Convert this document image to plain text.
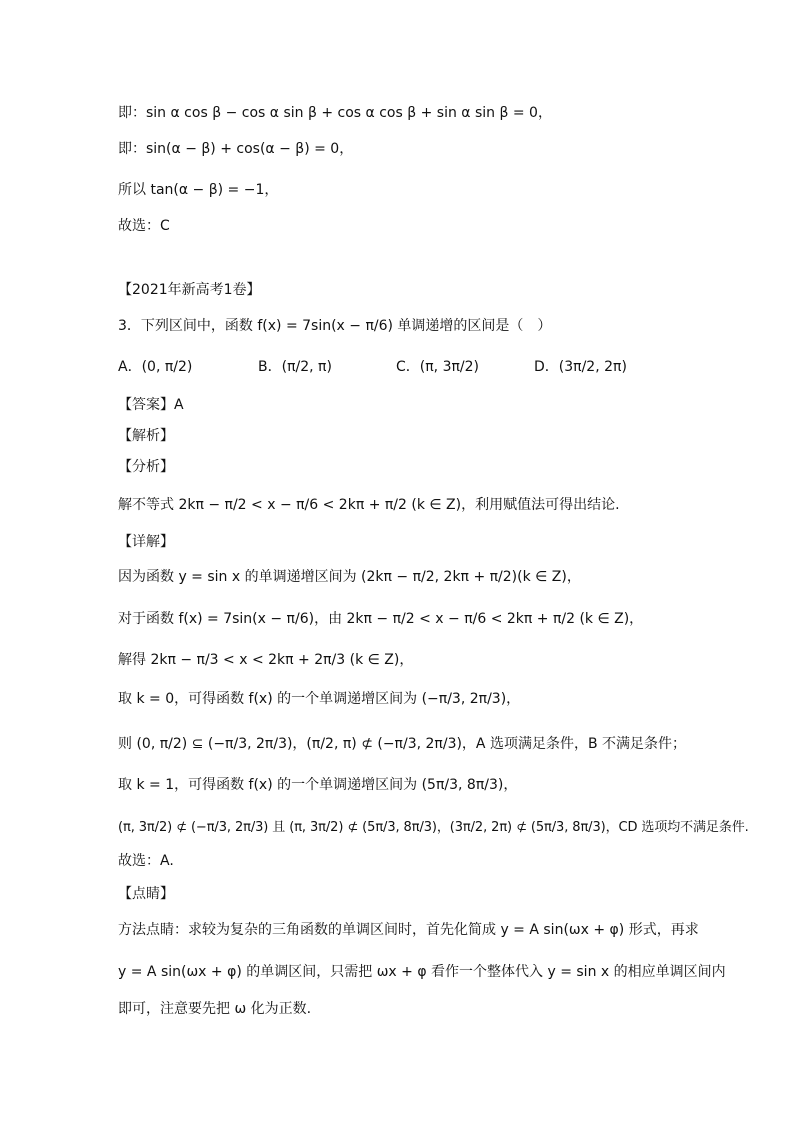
即：sin α cos β − cos α sin β + cos α cos β + sin α sin β = 0，
即：sin(α − β) + cos(α − β) = 0，
所以 tan(α − β) = −1，
故选：C
【2021年新高考1卷】
3．下列区间中，函数 f(x) = 7sin(x − π/6) 单调递增的区间是（　）
A．(0, π/2)	B．(π/2, π)	C．(π, 3π/2)	D．(3π/2, 2π)
【答案】A
【解析】
【分析】
解不等式 2kπ − π/2 < x − π/6 < 2kπ + π/2 (k ∈ Z)，利用赋值法可得出结论.
【详解】
因为函数 y = sin x 的单调递增区间为 (2kπ − π/2, 2kπ + π/2)(k ∈ Z)，
对于函数 f(x) = 7sin(x − π/6)，由 2kπ − π/2 < x − π/6 < 2kπ + π/2 (k ∈ Z)，
解得 2kπ − π/3 < x < 2kπ + 2π/3 (k ∈ Z)，
取 k = 0，可得函数 f(x) 的一个单调递增区间为 (−π/3, 2π/3)，
则 (0, π/2) ⊆ (−π/3, 2π/3)，(π/2, π) ⊄ (−π/3, 2π/3)，A 选项满足条件，B 不满足条件；
取 k = 1，可得函数 f(x) 的一个单调递增区间为 (5π/3, 8π/3)，
(π, 3π/2) ⊄ (−π/3, 2π/3) 且 (π, 3π/2) ⊄ (5π/3, 8π/3)，(3π/2, 2π) ⊄ (5π/3, 8π/3)，CD 选项均不满足条件.
故选：A.
【点睛】
方法点睛：求较为复杂的三角函数的单调区间时，首先化简成 y = A sin(ωx + φ) 形式，再求
y = A sin(ωx + φ) 的单调区间，只需把 ωx + φ 看作一个整体代入 y = sin x 的相应单调区间内
即可，注意要先把 ω 化为正数.
